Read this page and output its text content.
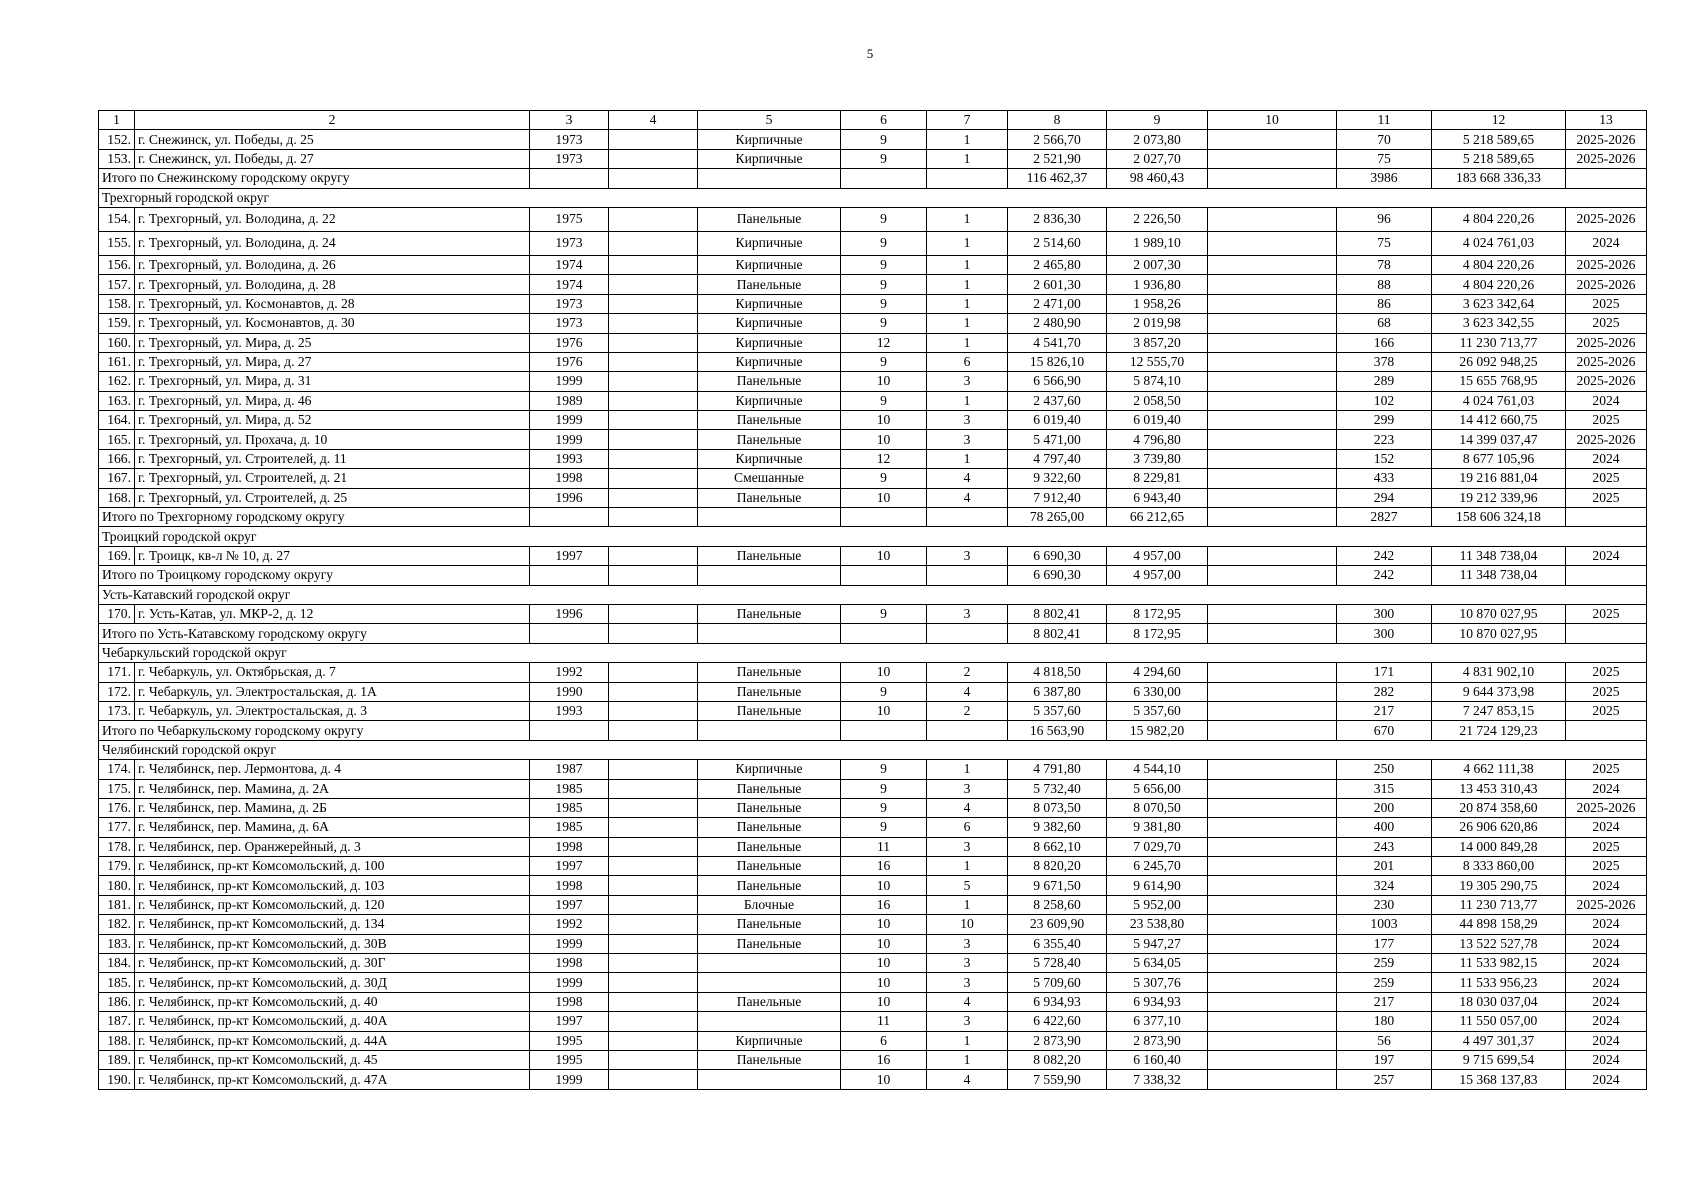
5
1	2	3	4	5	6	7	8	9	10	11	12	13
152.	г. Снежинск, ул. Победы, д. 25	1973		Кирпичные	9	1	2 566,70	2 073,80		70	5 218 589,65	2025-2026
153.	г. Снежинск, ул. Победы, д. 27	1973		Кирпичные	9	1	2 521,90	2 027,70		75	5 218 589,65	2025-2026
Итого по Снежинскому городскому округу							116 462,37	98 460,43		3986	183 668 336,33	
Трехгорный городской округ												
154.	г. Трехгорный, ул. Володина, д. 22	1975		Панельные	9	1	2 836,30	2 226,50		96	4 804 220,26	2025-2026
155.	г. Трехгорный, ул. Володина, д. 24	1973		Кирпичные	9	1	2 514,60	1 989,10		75	4 024 761,03	2024
156.	г. Трехгорный, ул. Володина, д. 26	1974		Кирпичные	9	1	2 465,80	2 007,30		78	4 804 220,26	2025-2026
157.	г. Трехгорный, ул. Володина, д. 28	1974		Панельные	9	1	2 601,30	1 936,80		88	4 804 220,26	2025-2026
158.	г. Трехгорный, ул. Космонавтов, д. 28	1973		Кирпичные	9	1	2 471,00	1 958,26		86	3 623 342,64	2025
159.	г. Трехгорный, ул. Космонавтов, д. 30	1973		Кирпичные	9	1	2 480,90	2 019,98		68	3 623 342,55	2025
160.	г. Трехгорный, ул. Мира, д. 25	1976		Кирпичные	12	1	4 541,70	3 857,20		166	11 230 713,77	2025-2026
161.	г. Трехгорный, ул. Мира, д. 27	1976		Кирпичные	9	6	15 826,10	12 555,70		378	26 092 948,25	2025-2026
162.	г. Трехгорный, ул. Мира, д. 31	1999		Панельные	10	3	6 566,90	5 874,10		289	15 655 768,95	2025-2026
163.	г. Трехгорный, ул. Мира, д. 46	1989		Кирпичные	9	1	2 437,60	2 058,50		102	4 024 761,03	2024
164.	г. Трехгорный, ул. Мира, д. 52	1999		Панельные	10	3	6 019,40	6 019,40		299	14 412 660,75	2025
165.	г. Трехгорный, ул. Прохача, д. 10	1999		Панельные	10	3	5 471,00	4 796,80		223	14 399 037,47	2025-2026
166.	г. Трехгорный, ул. Строителей, д. 11	1993		Кирпичные	12	1	4 797,40	3 739,80		152	8 677 105,96	2024
167.	г. Трехгорный, ул. Строителей, д. 21	1998		Смешанные	9	4	9 322,60	8 229,81		433	19 216 881,04	2025
168.	г. Трехгорный, ул. Строителей, д. 25	1996		Панельные	10	4	7 912,40	6 943,40		294	19 212 339,96	2025
Итого по Трехгорному городскому округу							78 265,00	66 212,65		2827	158 606 324,18	
Троицкий городской округ												
169.	г. Троицк, кв-л № 10, д. 27	1997		Панельные	10	3	6 690,30	4 957,00		242	11 348 738,04	2024
Итого по Троицкому городскому округу							6 690,30	4 957,00		242	11 348 738,04	
Усть-Катавский городской округ												
170.	г. Усть-Катав, ул. МКР-2, д. 12	1996		Панельные	9	3	8 802,41	8 172,95		300	10 870 027,95	2025
Итого по Усть-Катавскому городскому округу							8 802,41	8 172,95		300	10 870 027,95	
Чебаркульский городской округ												
171.	г. Чебаркуль, ул. Октябрьская, д. 7	1992		Панельные	10	2	4 818,50	4 294,60		171	4 831 902,10	2025
172.	г. Чебаркуль, ул. Электростальская, д. 1А	1990		Панельные	9	4	6 387,80	6 330,00		282	9 644 373,98	2025
173.	г. Чебаркуль, ул. Электростальская, д. 3	1993		Панельные	10	2	5 357,60	5 357,60		217	7 247 853,15	2025
Итого по Чебаркульскому городскому округу							16 563,90	15 982,20		670	21 724 129,23	
Челябинский городской округ												
174.	г. Челябинск, пер. Лермонтова, д. 4	1987		Кирпичные	9	1	4 791,80	4 544,10		250	4 662 111,38	2025
175.	г. Челябинск, пер. Мамина, д. 2А	1985		Панельные	9	3	5 732,40	5 656,00		315	13 453 310,43	2024
176.	г. Челябинск, пер. Мамина, д. 2Б	1985		Панельные	9	4	8 073,50	8 070,50		200	20 874 358,60	2025-2026
177.	г. Челябинск, пер. Мамина, д. 6А	1985		Панельные	9	6	9 382,60	9 381,80		400	26 906 620,86	2024
178.	г. Челябинск, пер. Оранжерейный, д. 3	1998		Панельные	11	3	8 662,10	7 029,70		243	14 000 849,28	2025
179.	г. Челябинск, пр-кт Комсомольский, д. 100	1997		Панельные	16	1	8 820,20	6 245,70		201	8 333 860,00	2025
180.	г. Челябинск, пр-кт Комсомольский, д. 103	1998		Панельные	10	5	9 671,50	9 614,90		324	19 305 290,75	2024
181.	г. Челябинск, пр-кт Комсомольский, д. 120	1997		Блочные	16	1	8 258,60	5 952,00		230	11 230 713,77	2025-2026
182.	г. Челябинск, пр-кт Комсомольский, д. 134	1992		Панельные	10	10	23 609,90	23 538,80		1003	44 898 158,29	2024
183.	г. Челябинск, пр-кт Комсомольский, д. 30В	1999		Панельные	10	3	6 355,40	5 947,27		177	13 522 527,78	2024
184.	г. Челябинск, пр-кт Комсомольский, д. 30Г	1998			10	3	5 728,40	5 634,05		259	11 533 982,15	2024
185.	г. Челябинск, пр-кт Комсомольский, д. 30Д	1999			10	3	5 709,60	5 307,76		259	11 533 956,23	2024
186.	г. Челябинск, пр-кт Комсомольский, д. 40	1998		Панельные	10	4	6 934,93	6 934,93		217	18 030 037,04	2024
187.	г. Челябинск, пр-кт Комсомольский, д. 40А	1997			11	3	6 422,60	6 377,10		180	11 550 057,00	2024
188.	г. Челябинск, пр-кт Комсомольский, д. 44А	1995		Кирпичные	6	1	2 873,90	2 873,90		56	4 497 301,37	2024
189.	г. Челябинск, пр-кт Комсомольский, д. 45	1995		Панельные	16	1	8 082,20	6 160,40		197	9 715 699,54	2024
190.	г. Челябинск, пр-кт Комсомольский, д. 47А	1999			10	4	7 559,90	7 338,32		257	15 368 137,83	2024
